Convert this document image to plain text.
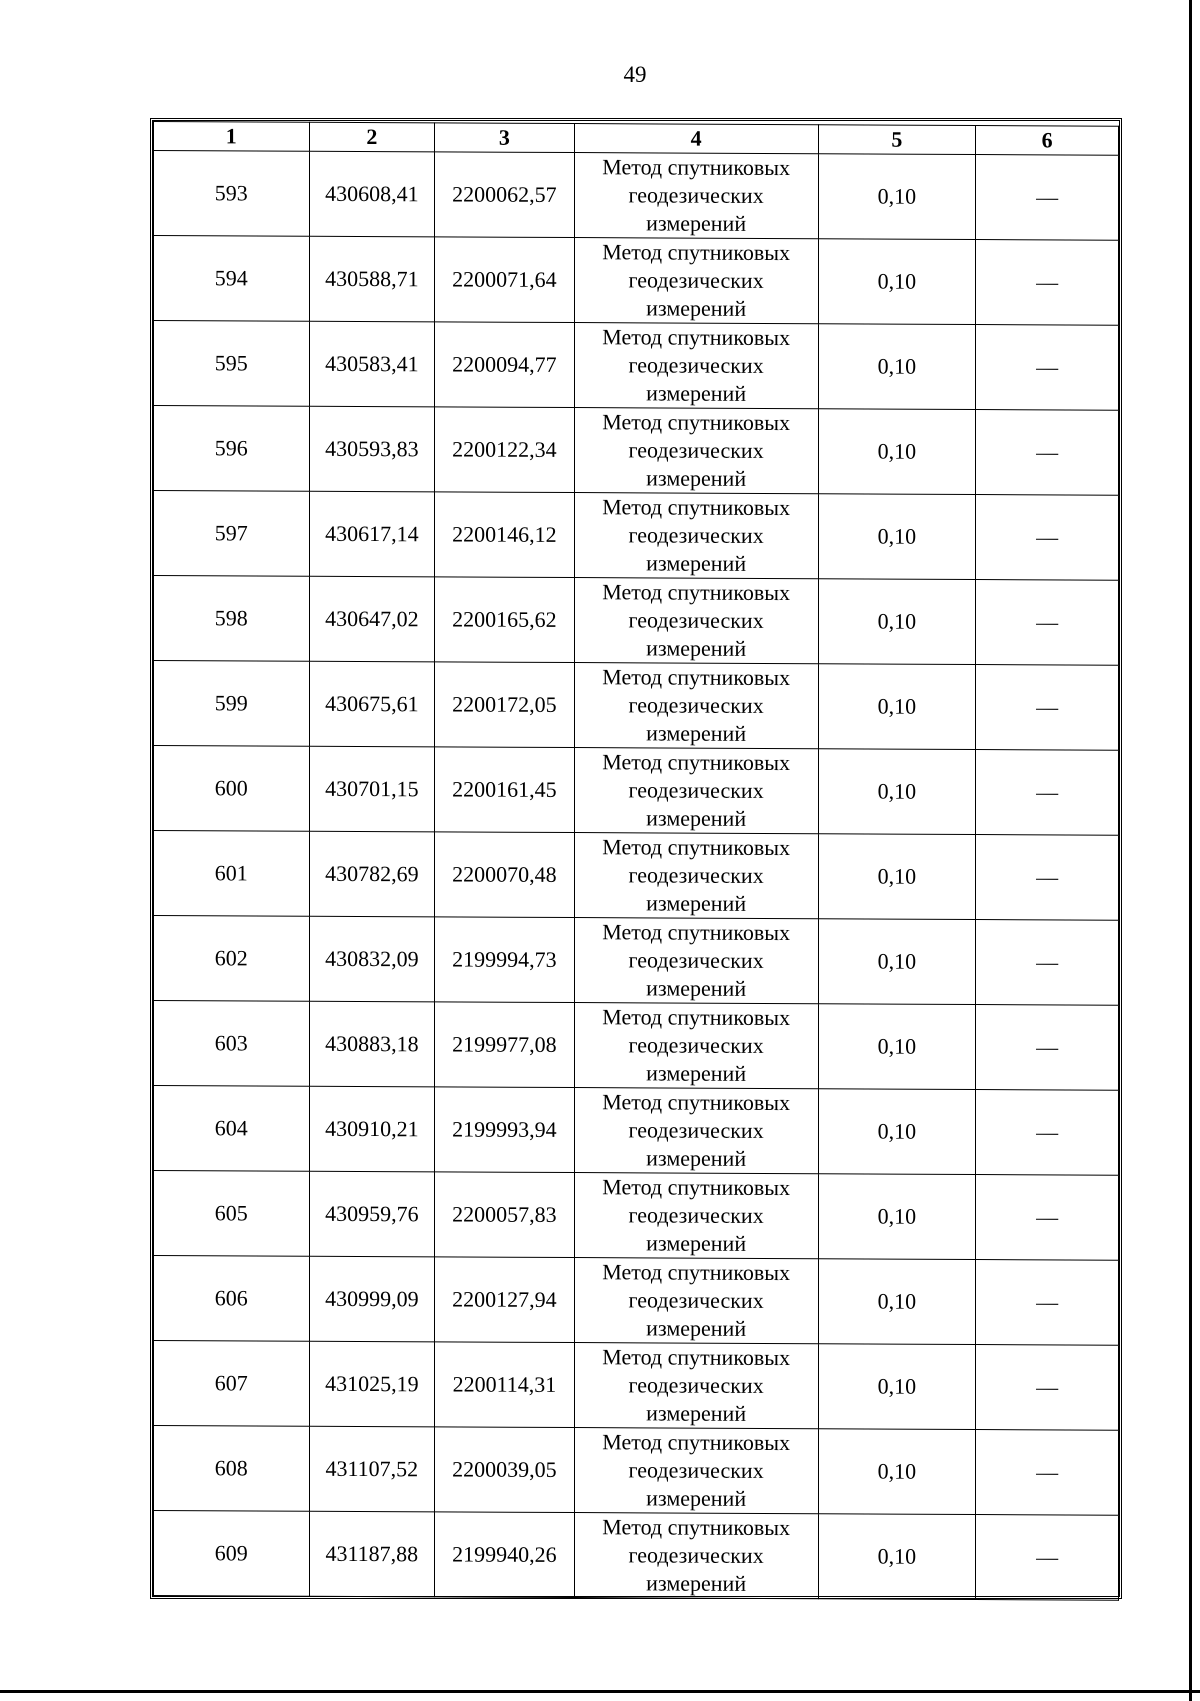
49
1	2	3	4	5	6
593	430608,41	2200062,57	Метод спутниковых
геодезических
измерений	0,10	—
594	430588,71	2200071,64	Метод спутниковых
геодезических
измерений	0,10	—
595	430583,41	2200094,77	Метод спутниковых
геодезических
измерений	0,10	—
596	430593,83	2200122,34	Метод спутниковых
геодезических
измерений	0,10	—
597	430617,14	2200146,12	Метод спутниковых
геодезических
измерений	0,10	—
598	430647,02	2200165,62	Метод спутниковых
геодезических
измерений	0,10	—
599	430675,61	2200172,05	Метод спутниковых
геодезических
измерений	0,10	—
600	430701,15	2200161,45	Метод спутниковых
геодезических
измерений	0,10	—
601	430782,69	2200070,48	Метод спутниковых
геодезических
измерений	0,10	—
602	430832,09	2199994,73	Метод спутниковых
геодезических
измерений	0,10	—
603	430883,18	2199977,08	Метод спутниковых
геодезических
измерений	0,10	—
604	430910,21	2199993,94	Метод спутниковых
геодезических
измерений	0,10	—
605	430959,76	2200057,83	Метод спутниковых
геодезических
измерений	0,10	—
606	430999,09	2200127,94	Метод спутниковых
геодезических
измерений	0,10	—
607	431025,19	2200114,31	Метод спутниковых
геодезических
измерений	0,10	—
608	431107,52	2200039,05	Метод спутниковых
геодезических
измерений	0,10	—
609	431187,88	2199940,26	Метод спутниковых
геодезических
измерений	0,10	—
